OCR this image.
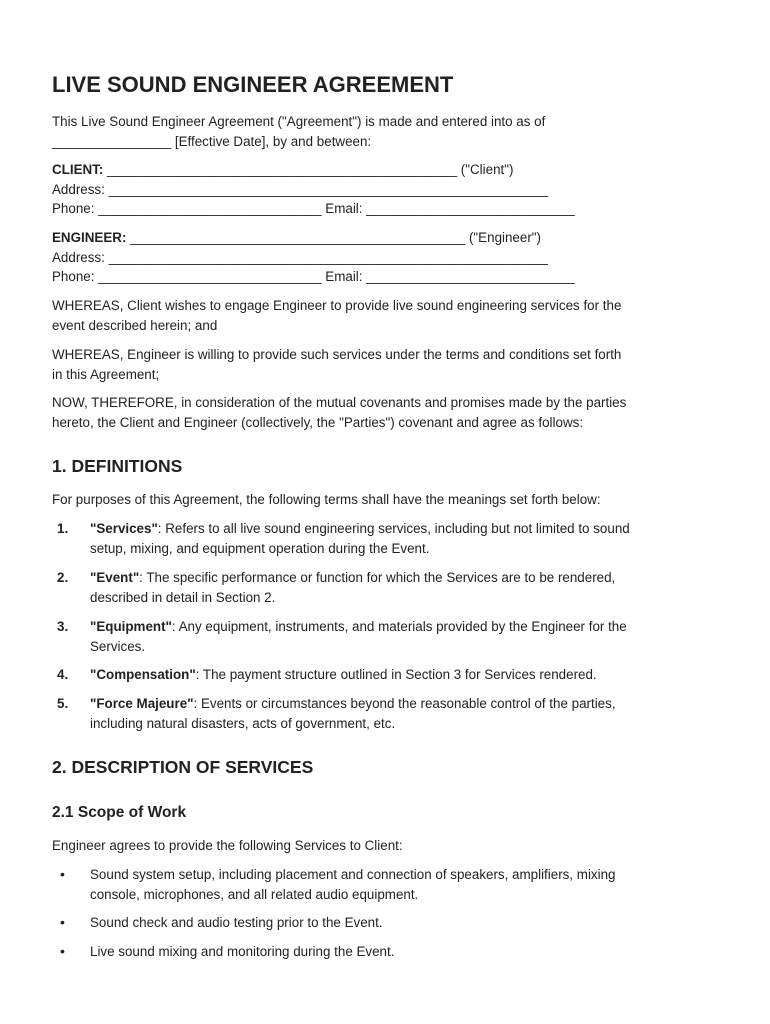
LIVE SOUND ENGINEER AGREEMENT

This Live Sound Engineer Agreement ("Agreement") is made and entered into as of
________________ [Effective Date], by and between:

CLIENT: _______________________________________________ ("Client")

Address: ___________________________________________________________

Phone: ______________________________ Email: ____________________________

ENGINEER: _____________________________________________ ("Engineer")

Address: ___________________________________________________________

Phone: ______________________________ Email: ____________________________

WHEREAS, Client wishes to engage Engineer to provide live sound engineering services for the
event described herein; and

WHEREAS, Engineer is willing to provide such services under the terms and conditions set forth
in this Agreement;

NOW, THEREFORE, in consideration of the mutual covenants and promises made by the parties
hereto, the Client and Engineer (collectively, the "Parties") covenant and agree as follows:

1. DEFINITIONS

For purposes of this Agreement, the following terms shall have the meanings set forth below:

1. "Services": Refers to all live sound engineering services, including but not limited to sound
setup, mixing, and equipment operation during the Event.
2. "Event": The specific performance or function for which the Services are to be rendered,
described in detail in Section 2.
3. "Equipment": Any equipment, instruments, and materials provided by the Engineer for the
Services.
4. "Compensation": The payment structure outlined in Section 3 for Services rendered.
5. "Force Majeure": Events or circumstances beyond the reasonable control of the parties,
including natural disasters, acts of government, etc.
2. DESCRIPTION OF SERVICES
2.1 Scope of Work

Engineer agrees to provide the following Services to Client:

• Sound system setup, including placement and connection of speakers, amplifiers, mixing
console, microphones, and all related audio equipment.
• Sound check and audio testing prior to the Event.
• Live sound mixing and monitoring during the Event.
